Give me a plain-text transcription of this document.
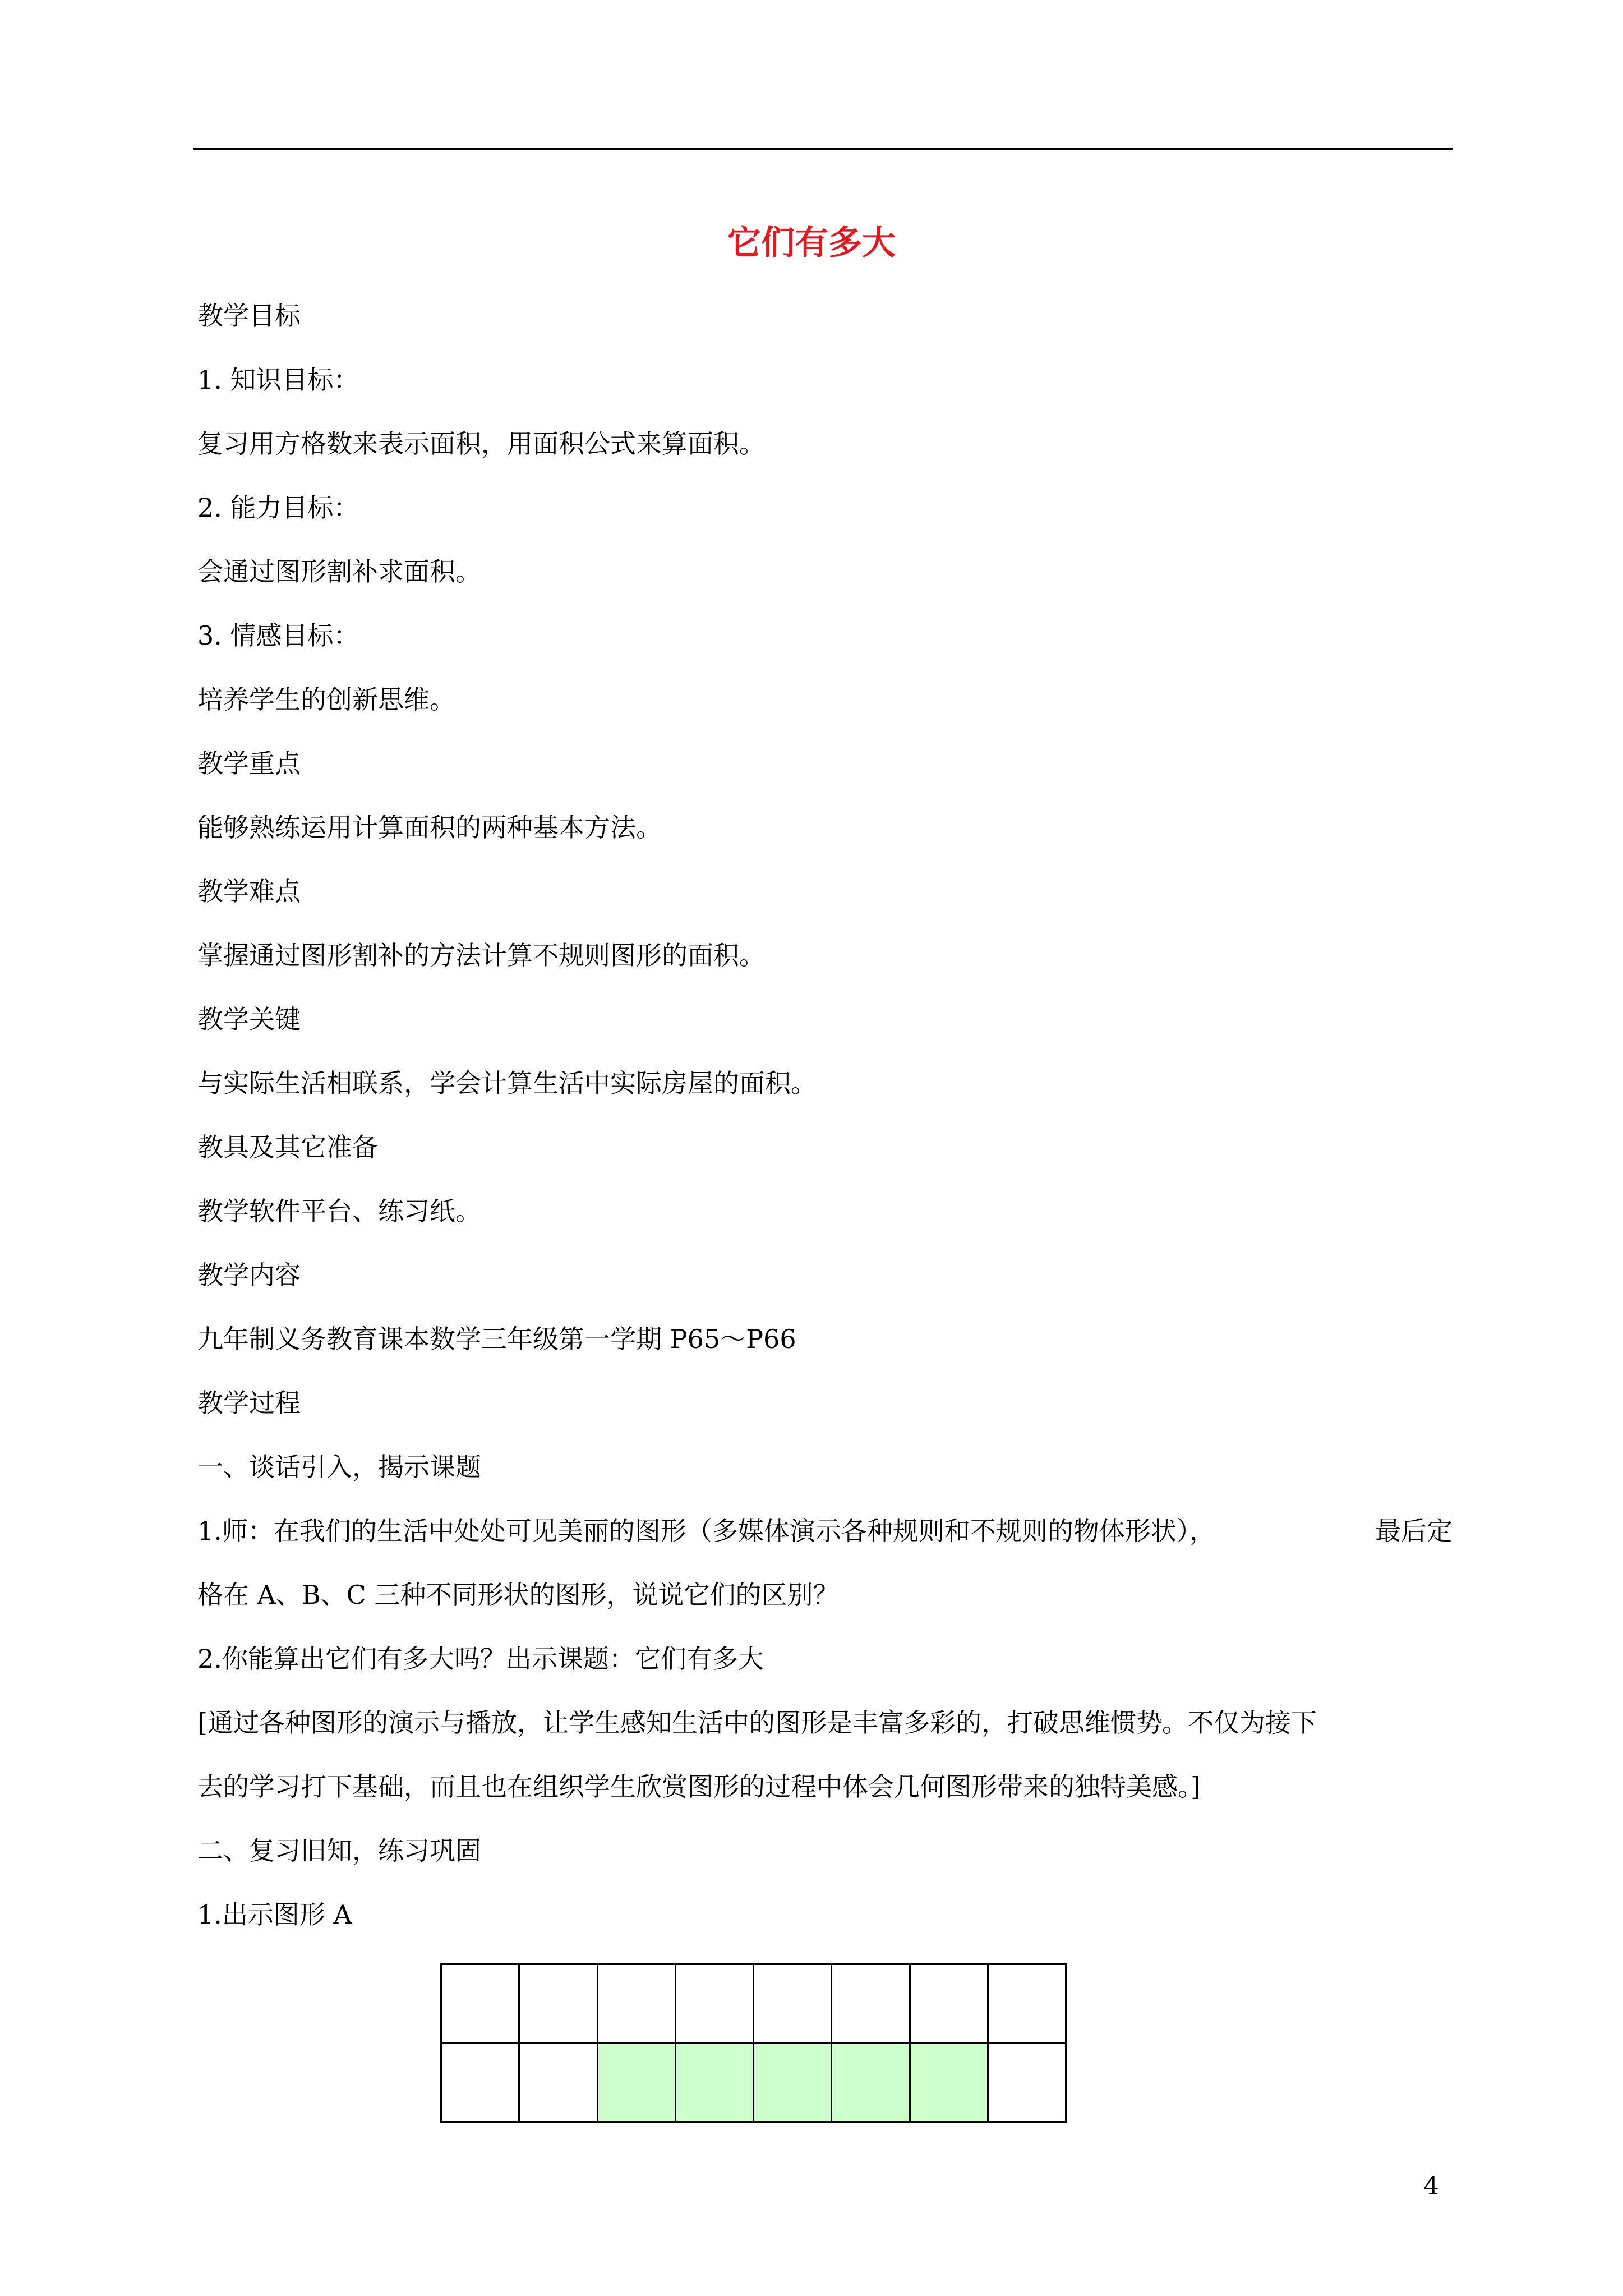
它们有多大
教学目标
1. 知识目标：
复习用方格数来表示面积，用面积公式来算面积。
2. 能力目标：
会通过图形割补求面积。
3. 情感目标：
培养学生的创新思维。
教学重点
能够熟练运用计算面积的两种基本方法。
教学难点
掌握通过图形割补的方法计算不规则图形的面积。
教学关键
与实际生活相联系，学会计算生活中实际房屋的面积。
教具及其它准备
教学软件平台、练习纸。
教学内容
九年制义务教育课本数学三年级第一学期 P65～P66
教学过程
一、谈话引入，揭示课题
1.师：在我们的生活中处处可见美丽的图形（多媒体演示各种规则和不规则的物体形状），	最后定
格在 A、B、C 三种不同形状的图形，说说它们的区别？
2.你能算出它们有多大吗？出示课题：它们有多大
[通过各种图形的演示与播放，让学生感知生活中的图形是丰富多彩的，打破思维惯势。不仅为接下
去的学习打下基础，而且也在组织学生欣赏图形的过程中体会几何图形带来的独特美感。]
二、复习旧知，练习巩固
1.出示图形 A
4
